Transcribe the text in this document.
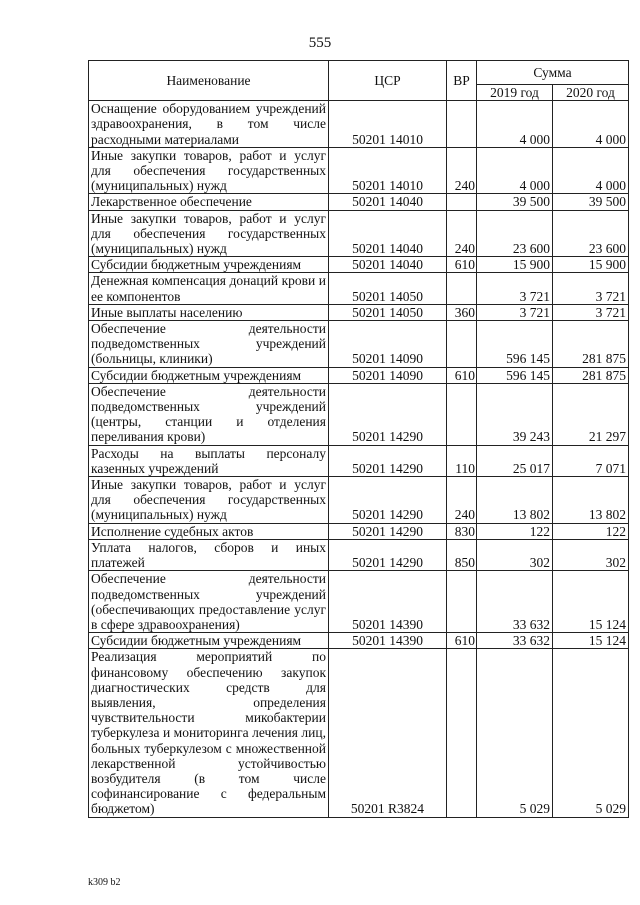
555
Наименование	ЦСР	ВР	Сумма	
			2019 год	2020 год
Оснащение оборудованием учреждений здравоохранения, в том числе расходными материалами	50201 14010		4 000	4 000
Иные закупки товаров, работ и услуг для обеспечения государственных (муниципальных) нужд	50201 14010	240	4 000	4 000
Лекарственное обеспечение	50201 14040		39 500	39 500
Иные закупки товаров, работ и услуг для обеспечения государственных (муниципальных) нужд	50201 14040	240	23 600	23 600
Субсидии бюджетным учреждениям	50201 14040	610	15 900	15 900
Денежная компенсация донаций крови и ее компонентов	50201 14050		3 721	3 721
Иные выплаты населению	50201 14050	360	3 721	3 721
Обеспечение деятельности подведомственных учреждений (больницы, клиники)	50201 14090		596 145	281 875
Субсидии бюджетным учреждениям	50201 14090	610	596 145	281 875
Обеспечение деятельности подведомственных учреждений (центры, станции и отделения переливания крови)	50201 14290		39 243	21 297
Расходы на выплаты персоналу казенных учреждений	50201 14290	110	25 017	7 071
Иные закупки товаров, работ и услуг для обеспечения государственных (муниципальных) нужд	50201 14290	240	13 802	13 802
Исполнение судебных актов	50201 14290	830	122	122
Уплата налогов, сборов и иных платежей	50201 14290	850	302	302
Обеспечение деятельности подведомственных учреждений (обеспечивающих предоставление услуг в сфере здравоохранения)	50201 14390		33 632	15 124
Субсидии бюджетным учреждениям	50201 14390	610	33 632	15 124
Реализация мероприятий по финансовому обеспечению закупок диагностических средств для выявления, определения чувствительности микобактерии туберкулеза и мониторинга лечения лиц, больных туберкулезом с множественной лекарственной устойчивостью возбудителя (в том числе софинансирование с федеральным бюджетом)	50201 R3824		5 029	5 029
k309 b2
